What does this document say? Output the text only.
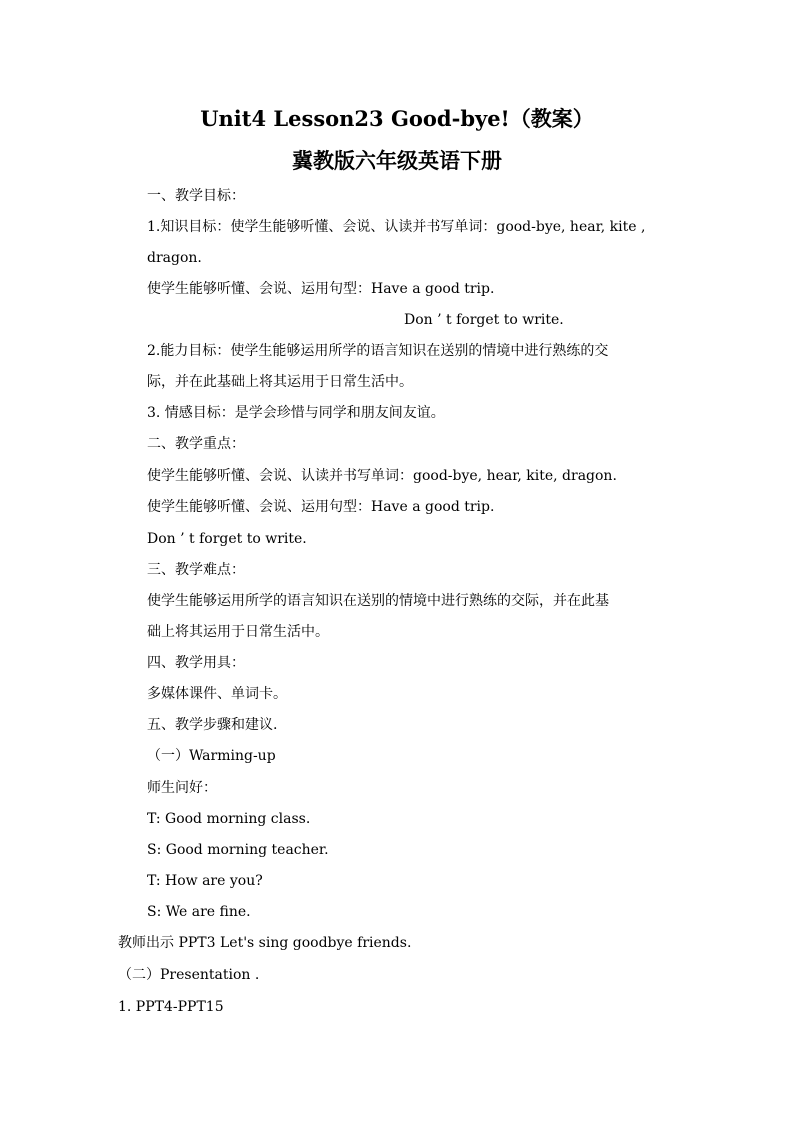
Unit4 Lesson23 Good-bye!（教案）
冀教版六年级英语下册
一、教学目标：
1.知识目标：使学生能够听懂、会说、认读并书写单词：good-bye, hear, kite ,
dragon.
使学生能够听懂、会说、运用句型：Have a good trip.
Don ’ t forget to write.
2.能力目标：使学生能够运用所学的语言知识在送别的情境中进行熟练的交
际，并在此基础上将其运用于日常生活中。
3. 情感目标：是学会珍惜与同学和朋友间友谊。
二、教学重点：
使学生能够听懂、会说、认读并书写单词：good-bye, hear, kite, dragon.
使学生能够听懂、会说、运用句型：Have a good trip.
Don ’ t forget to write.
三、教学难点：
使学生能够运用所学的语言知识在送别的情境中进行熟练的交际，并在此基
础上将其运用于日常生活中。
四、教学用具：
多媒体课件、单词卡。
五、教学步骤和建议.
（一）Warming-up
师生问好：
T: Good morning class.
S: Good morning teacher.
T: How are you?
S: We are fine.
教师出示 PPT3 Let's sing goodbye friends.
（二）Presentation .
1. PPT4-PPT15
